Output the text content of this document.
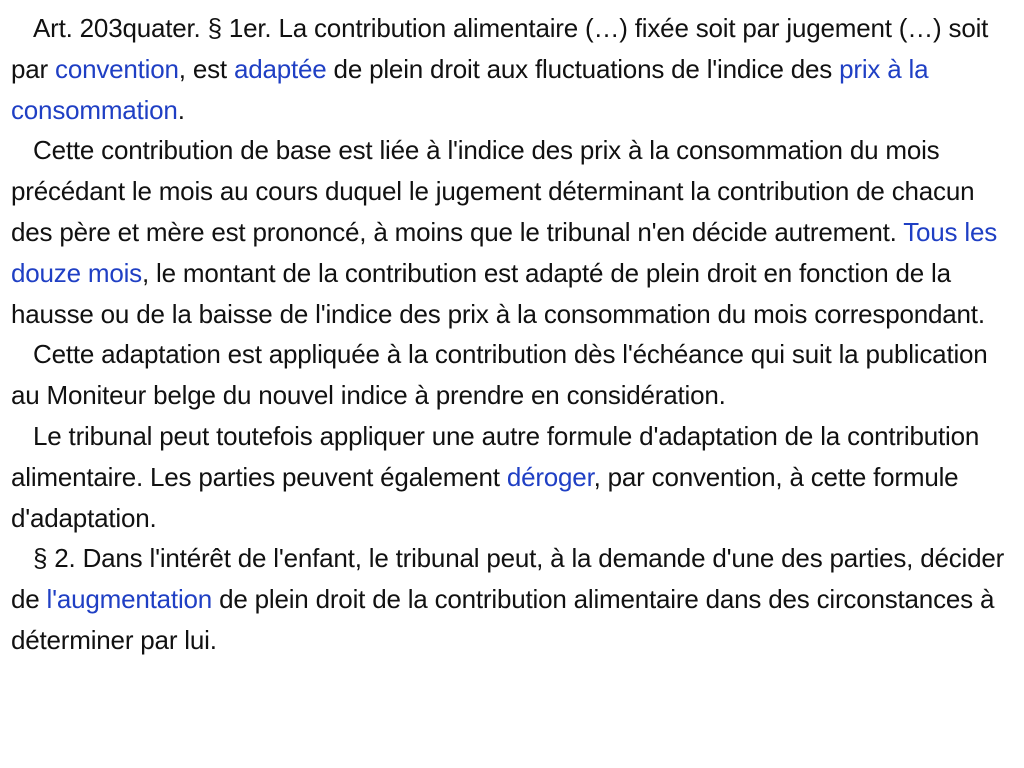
Art. 203quater. § 1er. La contribution alimentaire (…) fixée soit par jugement (…) soit par convention, est adaptée de plein droit aux fluctuations de l'indice des prix à la consommation.

Cette contribution de base est liée à l'indice des prix à la consommation du mois précédant le mois au cours duquel le jugement déterminant la contribution de chacun des père et mère est prononcé, à moins que le tribunal n'en décide autrement. Tous les douze mois, le montant de la contribution est adapté de plein droit en fonction de la hausse ou de la baisse de l'indice des prix à la consommation du mois correspondant.

Cette adaptation est appliquée à la contribution dès l'échéance qui suit la publication au Moniteur belge du nouvel indice à prendre en considération.

Le tribunal peut toutefois appliquer une autre formule d'adaptation de la contribution alimentaire. Les parties peuvent également déroger, par convention, à cette formule d'adaptation.

§ 2. Dans l'intérêt de l'enfant, le tribunal peut, à la demande d'une des parties, décider de l'augmentation de plein droit de la contribution alimentaire dans des circonstances à déterminer par lui.
